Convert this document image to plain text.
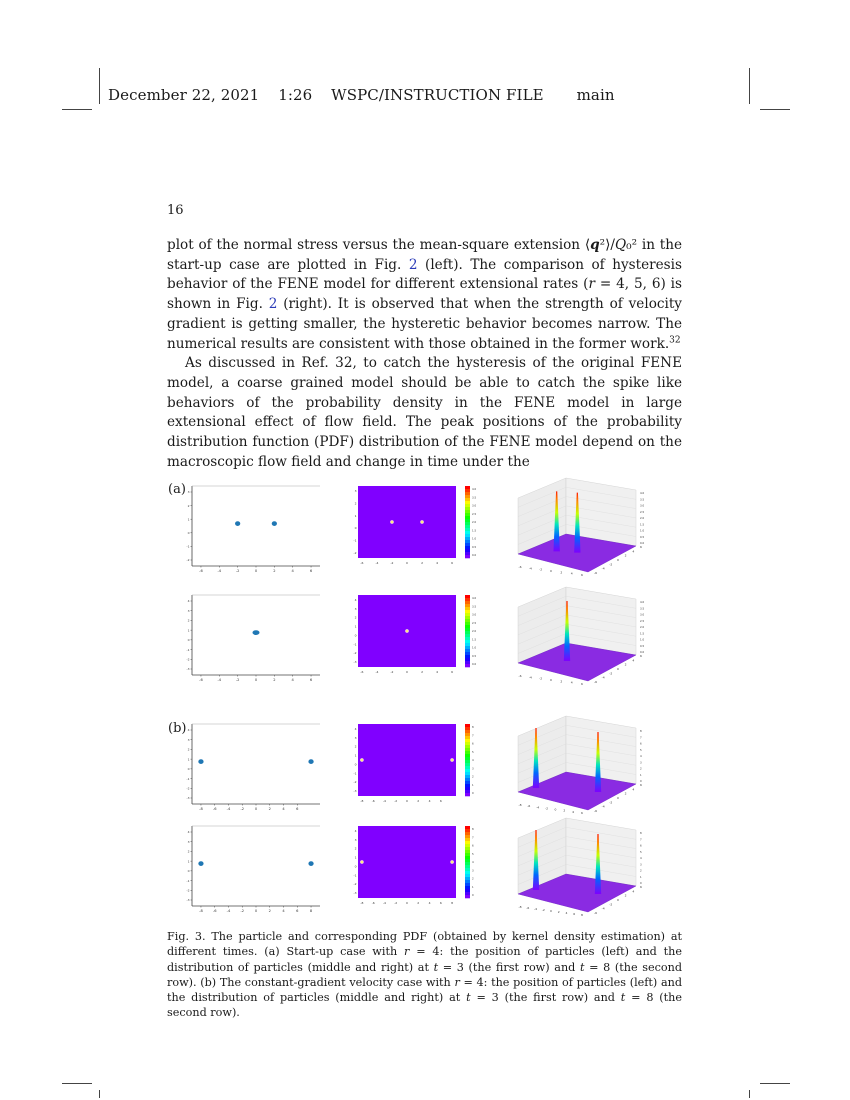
December 22, 2021 1:26 WSPC/INSTRUCTION FILE main
16

plot of the normal stress versus the mean-square extension ⟨q²⟩/Q₀² in the start-up case are plotted in Fig. 2 (left). The comparison of hysteresis behavior of the FENE model for different extensional rates (r = 4, 5, 6) is shown in Fig. 2 (right). It is observed that when the strength of velocity gradient is getting smaller, the hysteretic behavior becomes narrow. The numerical results are consistent with those obtained in the former work.$^{32}$

As discussed in Ref. 32, to catch the hysteresis of the original FENE model, a coarse grained model should be able to catch the spike like behaviors of the probability density in the FENE model in large extensional effect of flow field. The peak positions of the probability distribution function (PDF) distribution of the FENE model depend on the macroscopic flow field and change in time under the

(a)
(b)
-6	-4	-2	0	2	4	6
3
2
1
0
-1
-2
-6	-4	-2	0	2	4	6
3
2
1
0
-1
-2
4.0
3.5
3.0
2.5
2.0
1.5
1.0
0.5
0.0
-6 -4 -2	0	2	4	6	-6
-4
-2
0
2
4
6
4.0
3.5
3.0
2.5
2.0
1.5
1.0
0.5
0.0
-6	-4	-2	0	2	4	6
4
3
2
1
0
-1
-2
-3
-6	-4	-2	0	2	4	6
4
3
2
1
0
-1
-2
-3
4.0
3.5
3.0
2.5
2.0
1.5
1.0
0.5
0.0
-6 -4 -2	0	2	4	6	-6
-4
-2
0
2
4
6
4.0
3.5
3.0
2.5
2.0
1.5
1.0
0.5
0.0
-8	-6	-4	-2	0	2	4	6
4
3
2
1
0
-1
-2
-3
-8	-6	-4	-2	0	2	4	6
4
3
2
1
0
-1
-2
-3
8
7
6
5
4
3
2
1
0
-8 -6 -4 -2 0 2 4 6	-6
-4
-2
0
2
4
6
8
7
6
5
4
3
2
1
0
-8	-6	-4	-2	0	2	4	6	8
4
3
2
1
0
-1
-2
-3
-8	-6	-4	-2	0	2	4	6	8
4
3
2
1
0
-1
-2
-3
8
7
6
5
4
3
2
1
0
-8 -6 -4 -2 0 2 4 6 8	-6
-4
-2
0
2
4
6
8
7
6
5
4
3
2
1
0
Fig. 3. The particle and corresponding PDF (obtained by kernel density estimation) at different times. (a) Start-up case with r = 4: the position of particles (left) and the distribution of particles (middle and right) at t = 3 (the first row) and t = 8 (the second row). (b) The constant-gradient velocity case with r = 4: the position of particles (left) and the distribution of particles (middle and right) at t = 3 (the first row) and t = 8 (the second row).
